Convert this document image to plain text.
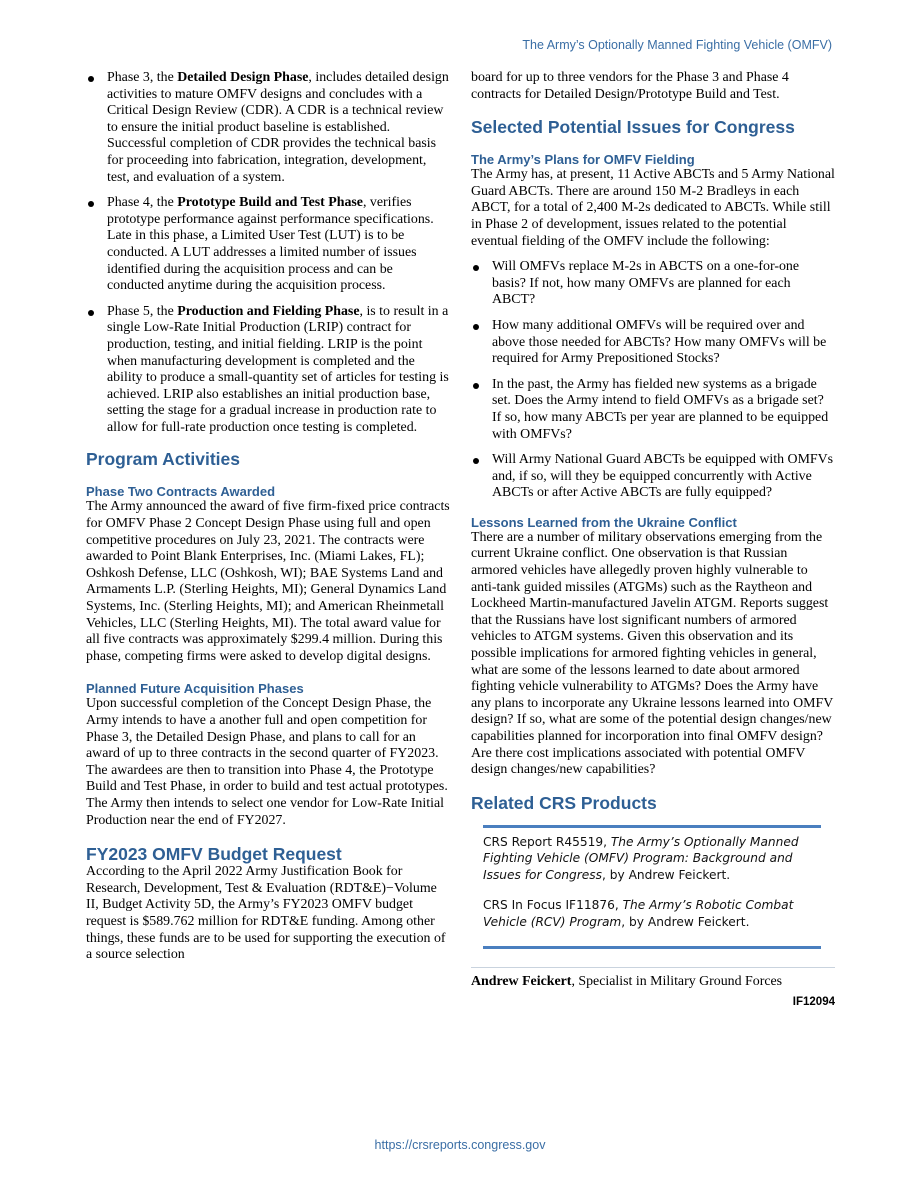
The Army’s Optionally Manned Fighting Vehicle (OMFV)
Phase 3, the Detailed Design Phase, includes detailed design activities to mature OMFV designs and concludes with a Critical Design Review (CDR). A CDR is a technical review to ensure the initial product baseline is established. Successful completion of CDR provides the technical basis for proceeding into fabrication, integration, development, test, and evaluation of a system.
Phase 4, the Prototype Build and Test Phase, verifies prototype performance against performance specifications. Late in this phase, a Limited User Test (LUT) is to be conducted. A LUT addresses a limited number of issues identified during the acquisition process and can be conducted anytime during the acquisition process.
Phase 5, the Production and Fielding Phase, is to result in a single Low-Rate Initial Production (LRIP) contract for production, testing, and initial fielding. LRIP is the point when manufacturing development is completed and the ability to produce a small-quantity set of articles for testing is achieved. LRIP also establishes an initial production base, setting the stage for a gradual increase in production rate to allow for full-rate production once testing is completed.
Program Activities
Phase Two Contracts Awarded

The Army announced the award of five firm-fixed price contracts for OMFV Phase 2 Concept Design Phase using full and open competitive procedures on July 23, 2021. The contracts were awarded to Point Blank Enterprises, Inc. (Miami Lakes, FL); Oshkosh Defense, LLC (Oshkosh, WI); BAE Systems Land and Armaments L.P. (Sterling Heights, MI); General Dynamics Land Systems, Inc. (Sterling Heights, MI); and American Rheinmetall Vehicles, LLC (Sterling Heights, MI). The total award value for all five contracts was approximately $299.4 million. During this phase, competing firms were asked to develop digital designs.

Planned Future Acquisition Phases

Upon successful completion of the Concept Design Phase, the Army intends to have a another full and open competition for Phase 3, the Detailed Design Phase, and plans to call for an award of up to three contracts in the second quarter of FY2023. The awardees are then to transition into Phase 4, the Prototype Build and Test Phase, in order to build and test actual prototypes. The Army then intends to select one vendor for Low-Rate Initial Production near the end of FY2027.

FY2023 OMFV Budget Request

According to the April 2022 Army Justification Book for Research, Development, Test & Evaluation (RDT&E)−Volume II, Budget Activity 5D, the Army’s FY2023 OMFV budget request is $589.762 million for RDT&E funding. Among other things, these funds are to be used for supporting the execution of a source selection

board for up to three vendors for the Phase 3 and Phase 4 contracts for Detailed Design/Prototype Build and Test.

Selected Potential Issues for Congress
The Army’s Plans for OMFV Fielding

The Army has, at present, 11 Active ABCTs and 5 Army National Guard ABCTs. There are around 150 M-2 Bradleys in each ABCT, for a total of 2,400 M-2s dedicated to ABCTs. While still in Phase 2 of development, issues related to the potential eventual fielding of the OMFV include the following:

Will OMFVs replace M-2s in ABCTS on a one-for-one basis? If not, how many OMFVs are planned for each ABCT?
How many additional OMFVs will be required over and above those needed for ABCTs? How many OMFVs will be required for Army Prepositioned Stocks?
In the past, the Army has fielded new systems as a brigade set. Does the Army intend to field OMFVs as a brigade set? If so, how many ABCTs per year are planned to be equipped with OMFVs?
Will Army National Guard ABCTs be equipped with OMFVs and, if so, will they be equipped concurrently with Active ABCTs or after Active ABCTs are fully equipped?
Lessons Learned from the Ukraine Conflict

There are a number of military observations emerging from the current Ukraine conflict. One observation is that Russian armored vehicles have allegedly proven highly vulnerable to anti-tank guided missiles (ATGMs) such as the Raytheon and Lockheed Martin-manufactured Javelin ATGM. Reports suggest that the Russians have lost significant numbers of armored vehicles to ATGM systems. Given this observation and its possible implications for armored fighting vehicles in general, what are some of the lessons learned to date about armored fighting vehicle vulnerability to ATGMs? Does the Army have any plans to incorporate any Ukraine lessons learned into OMFV design? If so, what are some of the potential design changes/new capabilities planned for incorporation into final OMFV design? Are there cost implications associated with potential OMFV design changes/new capabilities?

Related CRS Products

CRS Report R45519, The Army’s Optionally Manned Fighting Vehicle (OMFV) Program: Background and Issues for Congress, by Andrew Feickert.

CRS In Focus IF11876, The Army’s Robotic Combat Vehicle (RCV) Program, by Andrew Feickert.

Andrew Feickert, Specialist in Military Ground Forces

IF12094
https://crsreports.congress.gov
